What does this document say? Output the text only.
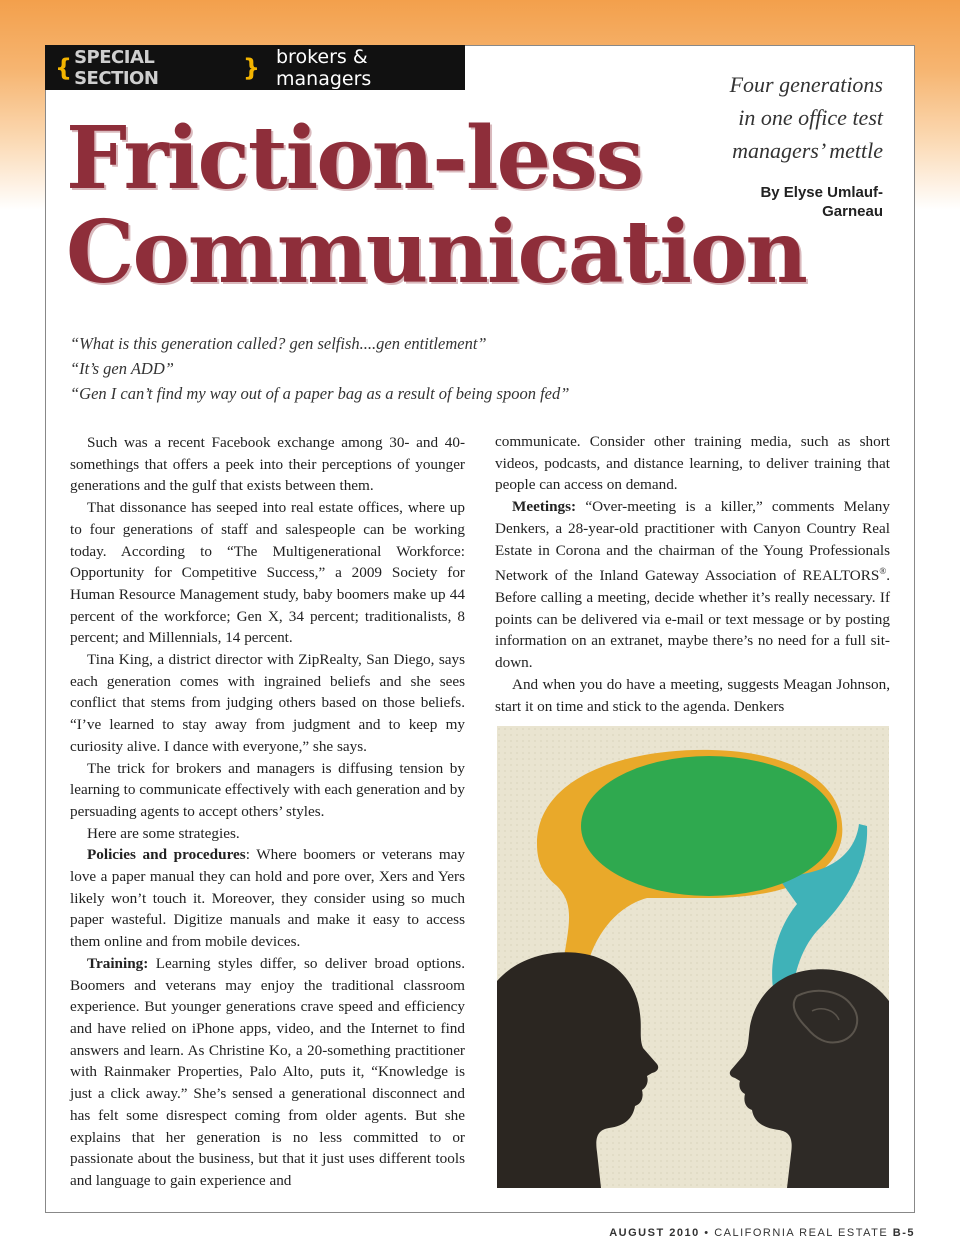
{ SPECIAL SECTION	} brokers & managers
Friction-less
Communication
Four generations
in one office test
managers’ mettle
By Elyse Umlauf-
Garneau
“What is this generation called? gen selfish....gen entitlement”
“It’s gen ADD”
“Gen I can’t find my way out of a paper bag as a result of being spoon fed”

Such was a recent Facebook exchange among 30- and 40-somethings that offers a peek into their perceptions of younger generations and the gulf that exists between them.

That dissonance has seeped into real estate offices, where up to four generations of staff and salespeople can be working today. According to “The Multigenerational Workforce: Opportunity for Competitive Success,” a 2009 Society for Human Resource Management study, baby boomers make up 44 percent of the workforce; Gen X, 34 percent; traditionalists, 8 percent; and Millennials, 14 percent.

Tina King, a district director with ZipRealty, San Diego, says each generation comes with ingrained beliefs and she sees conflict that stems from judging others based on those beliefs. “I’ve learned to stay away from judgment and to keep my curiosity alive. I dance with everyone,” she says.

The trick for brokers and managers is diffusing tension by learning to communicate effectively with each generation and by persuading agents to accept others’ styles.

Here are some strategies.

Policies and procedures: Where boomers or veterans may love a paper manual they can hold and pore over, Xers and Yers likely won’t touch it. Moreover, they consider using so much paper wasteful. Digitize manuals and make it easy to access them online and from mobile devices.

Training: Learning styles differ, so deliver broad options. Boomers and veterans may enjoy the traditional classroom experience. But younger generations crave speed and efficiency and have relied on iPhone apps, video, and the Internet to find answers and learn. As Christine Ko, a 20-something practitioner with Rainmaker Properties, Palo Alto, puts it, “Knowledge is just a click away.” She’s sensed a generational disconnect and has felt some disrespect coming from older agents. But she explains that her generation is no less committed to or passionate about the business, but that it just uses different tools and language to gain experience and

communicate. Consider other training media, such as short videos, podcasts, and distance learning, to deliver training that people can access on demand.

Meetings: “Over-meeting is a killer,” comments Melany Denkers, a 28-year-old practitioner with Canyon Country Real Estate in Corona and the chairman of the Young Professionals Network of the Inland Gateway Association of REALTORS®. Before calling a meeting, decide whether it’s really necessary. If points can be delivered via e-mail or text message or by posting information on an extranet, maybe there’s no need for a full sit-down.

And when you do have a meeting, suggests Meagan Johnson, start it on time and stick to the agenda. Denkers

AUGUST 2010 • CALIFORNIA REAL ESTATE B-5
